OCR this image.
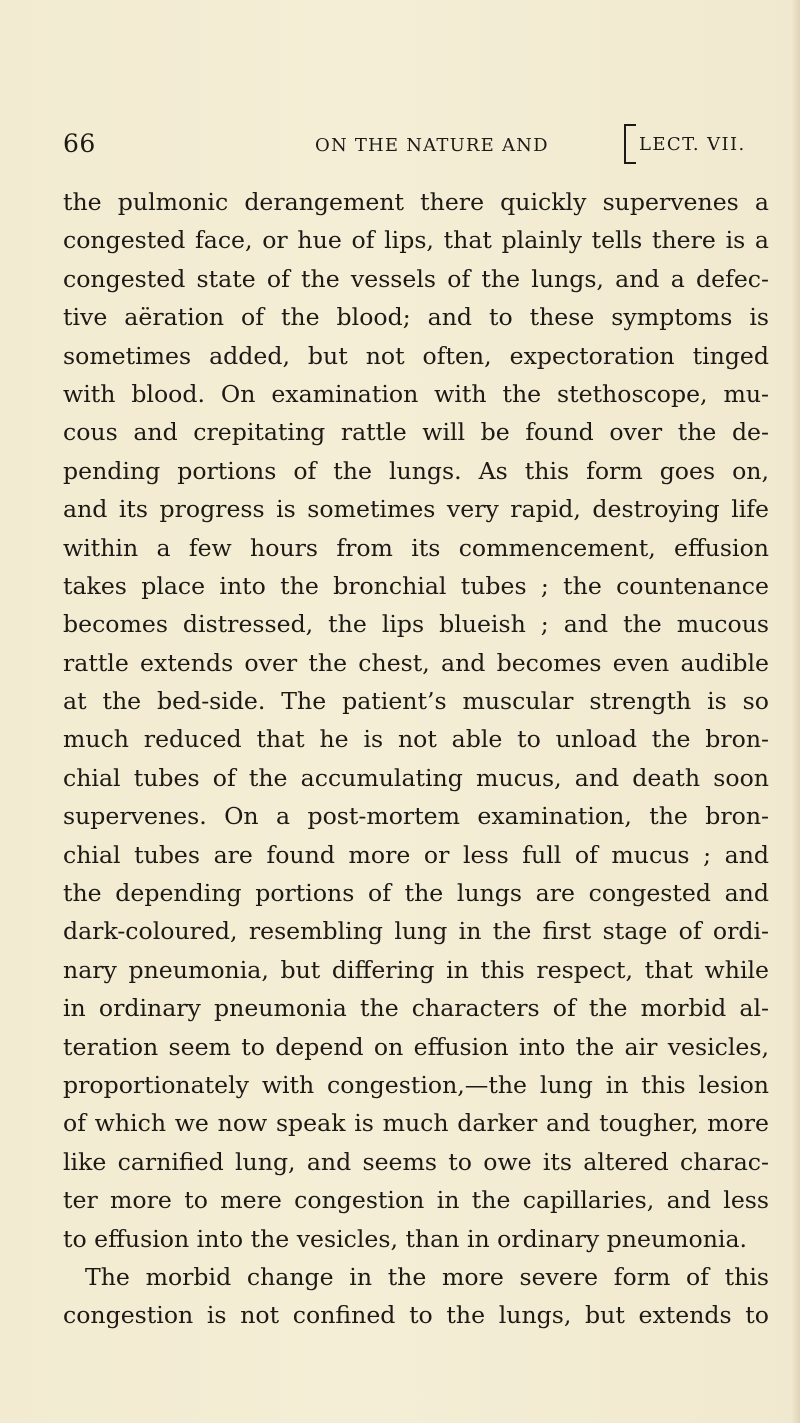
66	ON THE NATURE AND	LECT. VII.
the pulmonic derangement there quickly supervenes a
congested face, or hue of lips, that plainly tells there is a
congested state of the vessels of the lungs, and a defec-
tive aëration of the blood; and to these symptoms is
sometimes added, but not often, expectoration tinged
with blood. On examination with the stethoscope, mu-
cous and crepitating rattle will be found over the de-
pending portions of the lungs. As this form goes on,
and its progress is sometimes very rapid, destroying life
within a few hours from its commencement, effusion
takes place into the bronchial tubes ; the countenance
becomes distressed, the lips blueish ; and the mucous
rattle extends over the chest, and becomes even audible
at the bed-side. The patient’s muscular strength is so
much reduced that he is not able to unload the bron-
chial tubes of the accumulating mucus, and death soon
supervenes. On a post-mortem examination, the bron-
chial tubes are found more or less full of mucus ; and
the depending portions of the lungs are congested and
dark-coloured, resembling lung in the first stage of ordi-
nary pneumonia, but differing in this respect, that while
in ordinary pneumonia the characters of the morbid al-
teration seem to depend on effusion into the air vesicles,
proportionately with congestion,—the lung in this lesion
of which we now speak is much darker and tougher, more
like carnified lung, and seems to owe its altered charac-
ter more to mere congestion in the capillaries, and less
to effusion into the vesicles, than in ordinary pneumonia.
The morbid change in the more severe form of this
congestion is not confined to the lungs, but extends to
